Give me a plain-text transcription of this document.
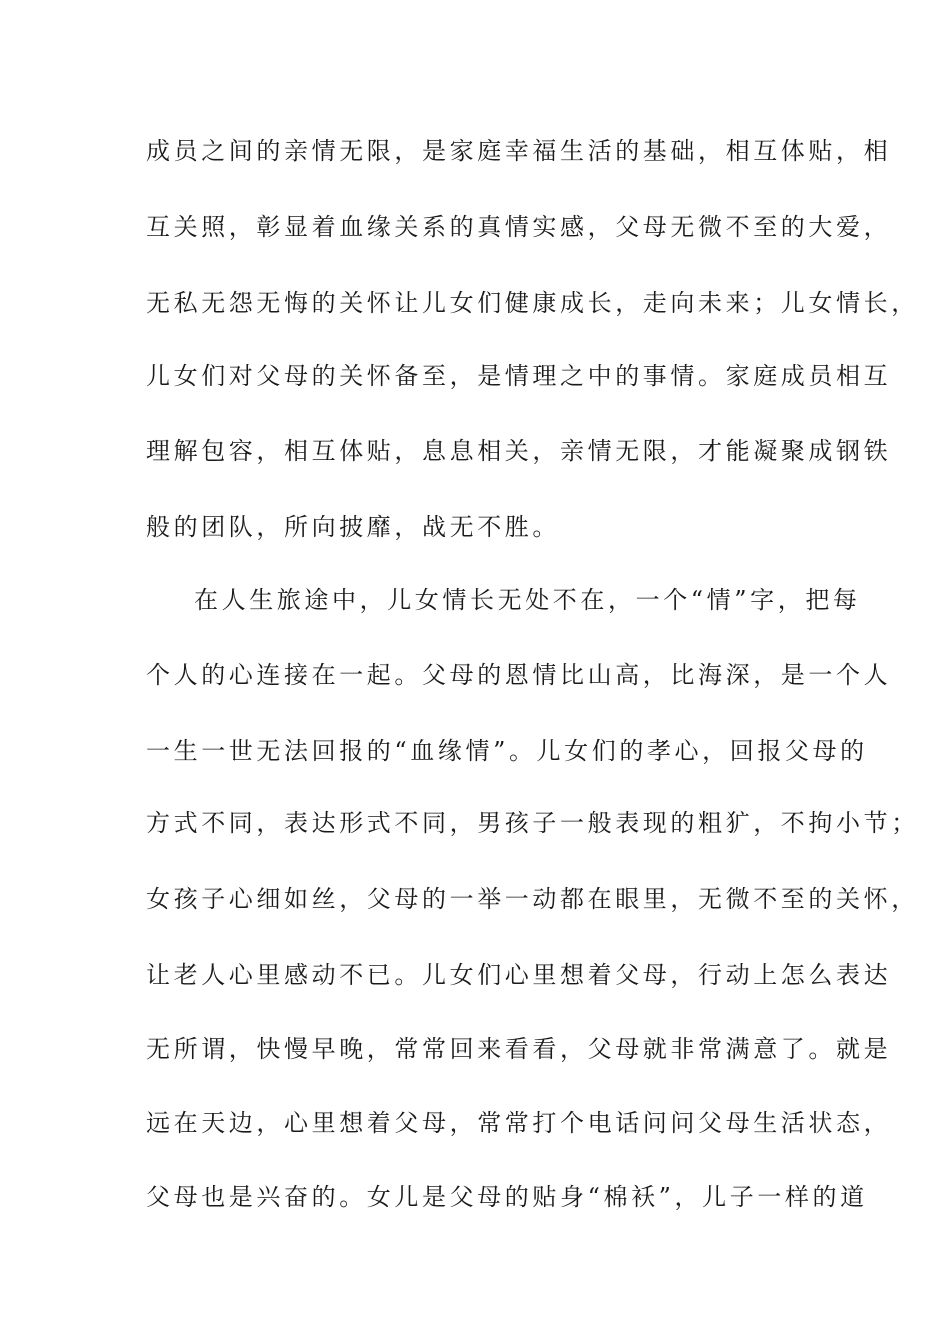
成员之间的亲情无限，是家庭幸福生活的基础，相互体贴，相
互关照，彰显着血缘关系的真情实感，父母无微不至的大爱，
无私无怨无悔的关怀让儿女们健康成长，走向未来；儿女情长，
儿女们对父母的关怀备至，是情理之中的事情。家庭成员相互
理解包容，相互体贴，息息相关，亲情无限，才能凝聚成钢铁
般的团队，所向披靡，战无不胜。
在人生旅途中，儿女情长无处不在，一个“情”字，把每
个人的心连接在一起。父母的恩情比山高，比海深，是一个人
一生一世无法回报的“血缘情”。儿女们的孝心，回报父母的
方式不同，表达形式不同，男孩子一般表现的粗犷，不拘小节；
女孩子心细如丝，父母的一举一动都在眼里，无微不至的关怀，
让老人心里感动不已。儿女们心里想着父母，行动上怎么表达
无所谓，快慢早晚，常常回来看看，父母就非常满意了。就是
远在天边，心里想着父母，常常打个电话问问父母生活状态，
父母也是兴奋的。女儿是父母的贴身“棉袄”，儿子一样的道
